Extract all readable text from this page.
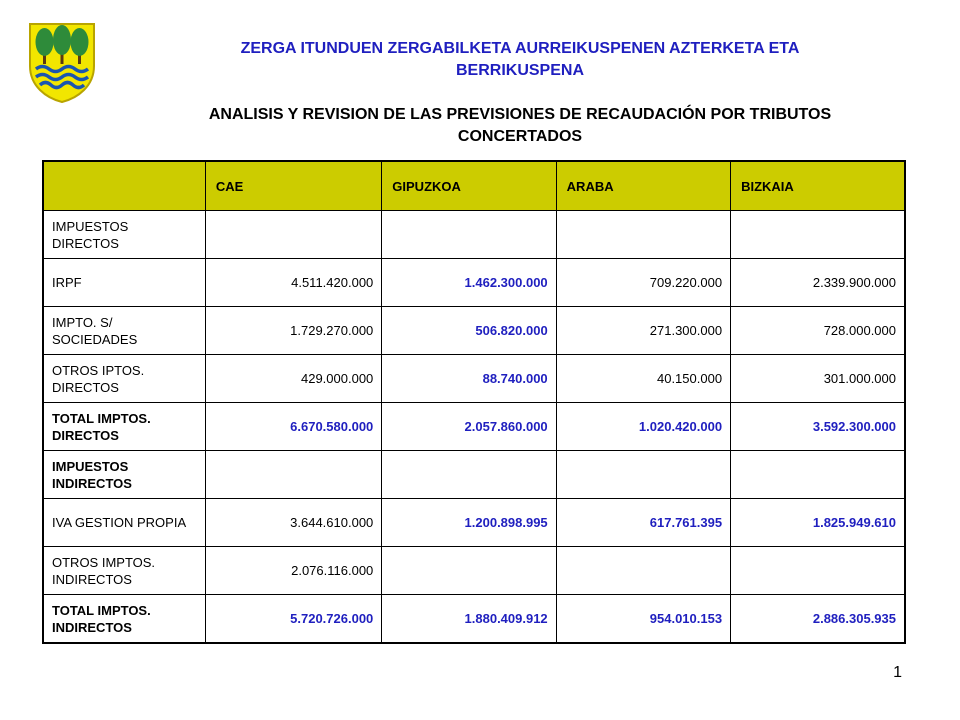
ZERGA ITUNDUEN ZERGABILKETA AURREIKUSPENEN AZTERKETA ETA BERRIKUSPENA
ANALISIS Y REVISION DE LAS PREVISIONES DE RECAUDACIÓN POR TRIBUTOS CONCERTADOS
	CAE	GIPUZKOA	ARABA	BIZKAIA
IMPUESTOS DIRECTOS				
IRPF	4.511.420.000	1.462.300.000	709.220.000	2.339.900.000
IMPTO. S/ SOCIEDADES	1.729.270.000	506.820.000	271.300.000	728.000.000
OTROS IPTOS. DIRECTOS	429.000.000	88.740.000	40.150.000	301.000.000
TOTAL IMPTOS. DIRECTOS	6.670.580.000	2.057.860.000	1.020.420.000	3.592.300.000
IMPUESTOS INDIRECTOS				
IVA GESTION PROPIA	3.644.610.000	1.200.898.995	617.761.395	1.825.949.610
OTROS IMPTOS. INDIRECTOS	2.076.116.000			
TOTAL IMPTOS. INDIRECTOS	5.720.726.000	1.880.409.912	954.010.153	2.886.305.935
1
